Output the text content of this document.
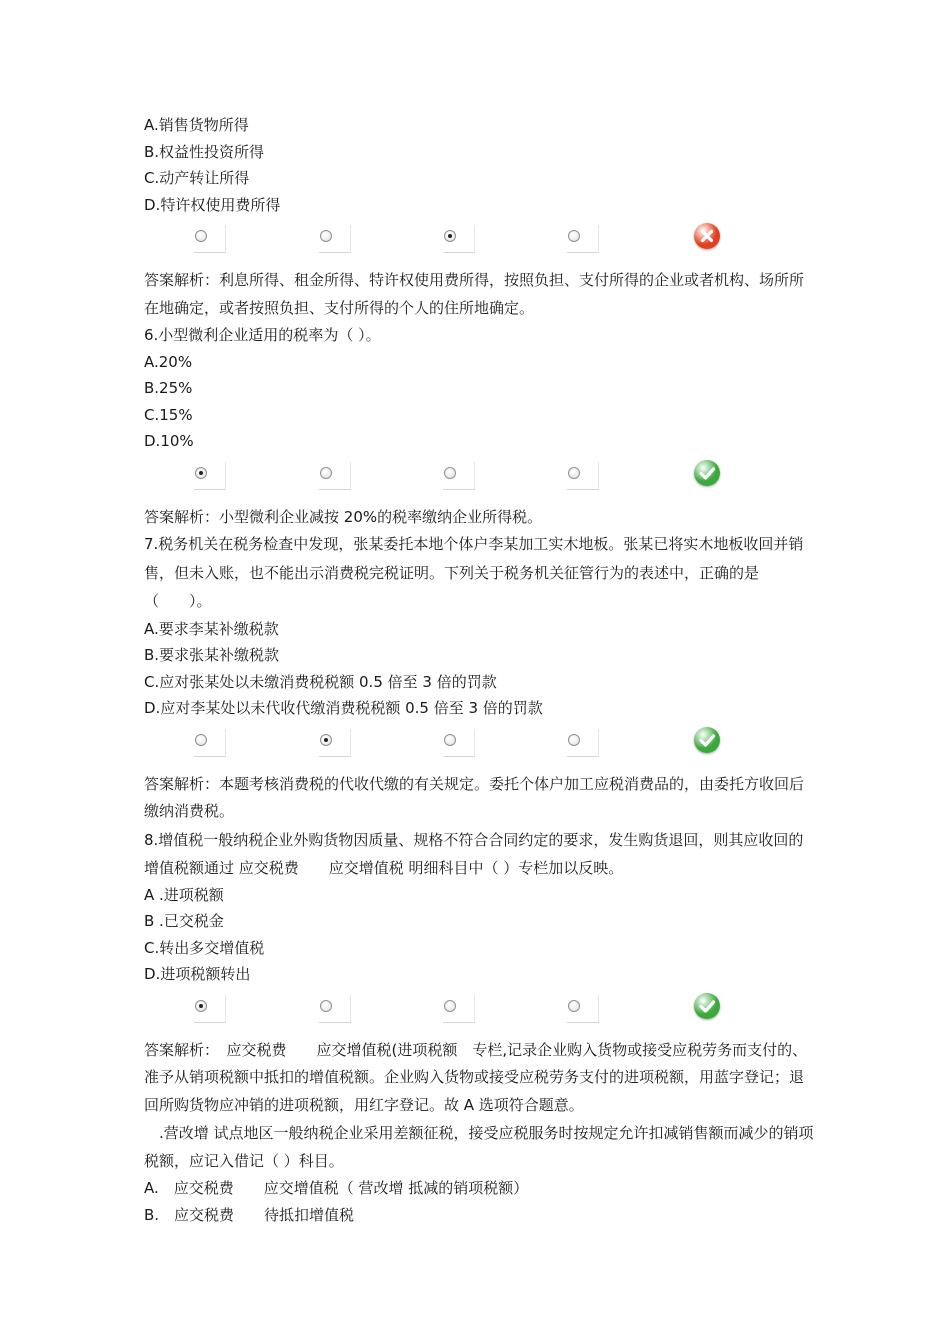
A.销售货物所得
B.权益性投资所得
C.动产转让所得
D.特许权使用费所得
答案解析：利息所得、租金所得、特许权使用费所得，按照负担、支付所得的企业或者机构、场所所在地确定，或者按照负担、支付所得的个人的住所地确定。
6.小型微利企业适用的税率为（ ）。
A.20%
B.25%
C.15%
D.10%
答案解析：小型微利企业减按 20%的税率缴纳企业所得税。
7.税务机关在税务检查中发现，张某委托本地个体户李某加工实木地板。张某已将实木地板收回并销售，但未入账，也不能出示消费税完税证明。下列关于税务机关征管行为的表述中，正确的是（　　）。
A.要求李某补缴税款
B.要求张某补缴税款
C.应对张某处以未缴消费税税额 0.5 倍至 3 倍的罚款
D.应对李某处以未代收代缴消费税税额 0.5 倍至 3 倍的罚款
答案解析：本题考核消费税的代收代缴的有关规定。委托个体户加工应税消费品的，由委托方收回后缴纳消费税。
8.增值税一般纳税企业外购货物因质量、规格不符合合同约定的要求，发生购货退回，则其应收回的增值税额通过 应交税费　　应交增值税 明细科目中（ ）专栏加以反映。
A .进项税额
B .已交税金
C.转出多交增值税
D.进项税额转出
答案解析：　应交税费　　应交增值税(进项税额　专栏,记录企业购入货物或接受应税劳务而支付的、准予从销项税额中抵扣的增值税额。企业购入货物或接受应税劳务支付的进项税额，用蓝字登记；退回所购货物应冲销的进项税额，用红字登记。故 A 选项符合题意。
　.营改增 试点地区一般纳税企业采用差额征税，接受应税服务时按规定允许扣减销售额而减少的销项税额，应记入借记（ ）科目。
A.　应交税费　　应交增值税（ 营改增 抵减的销项税额）
B.　应交税费　　待抵扣增值税
